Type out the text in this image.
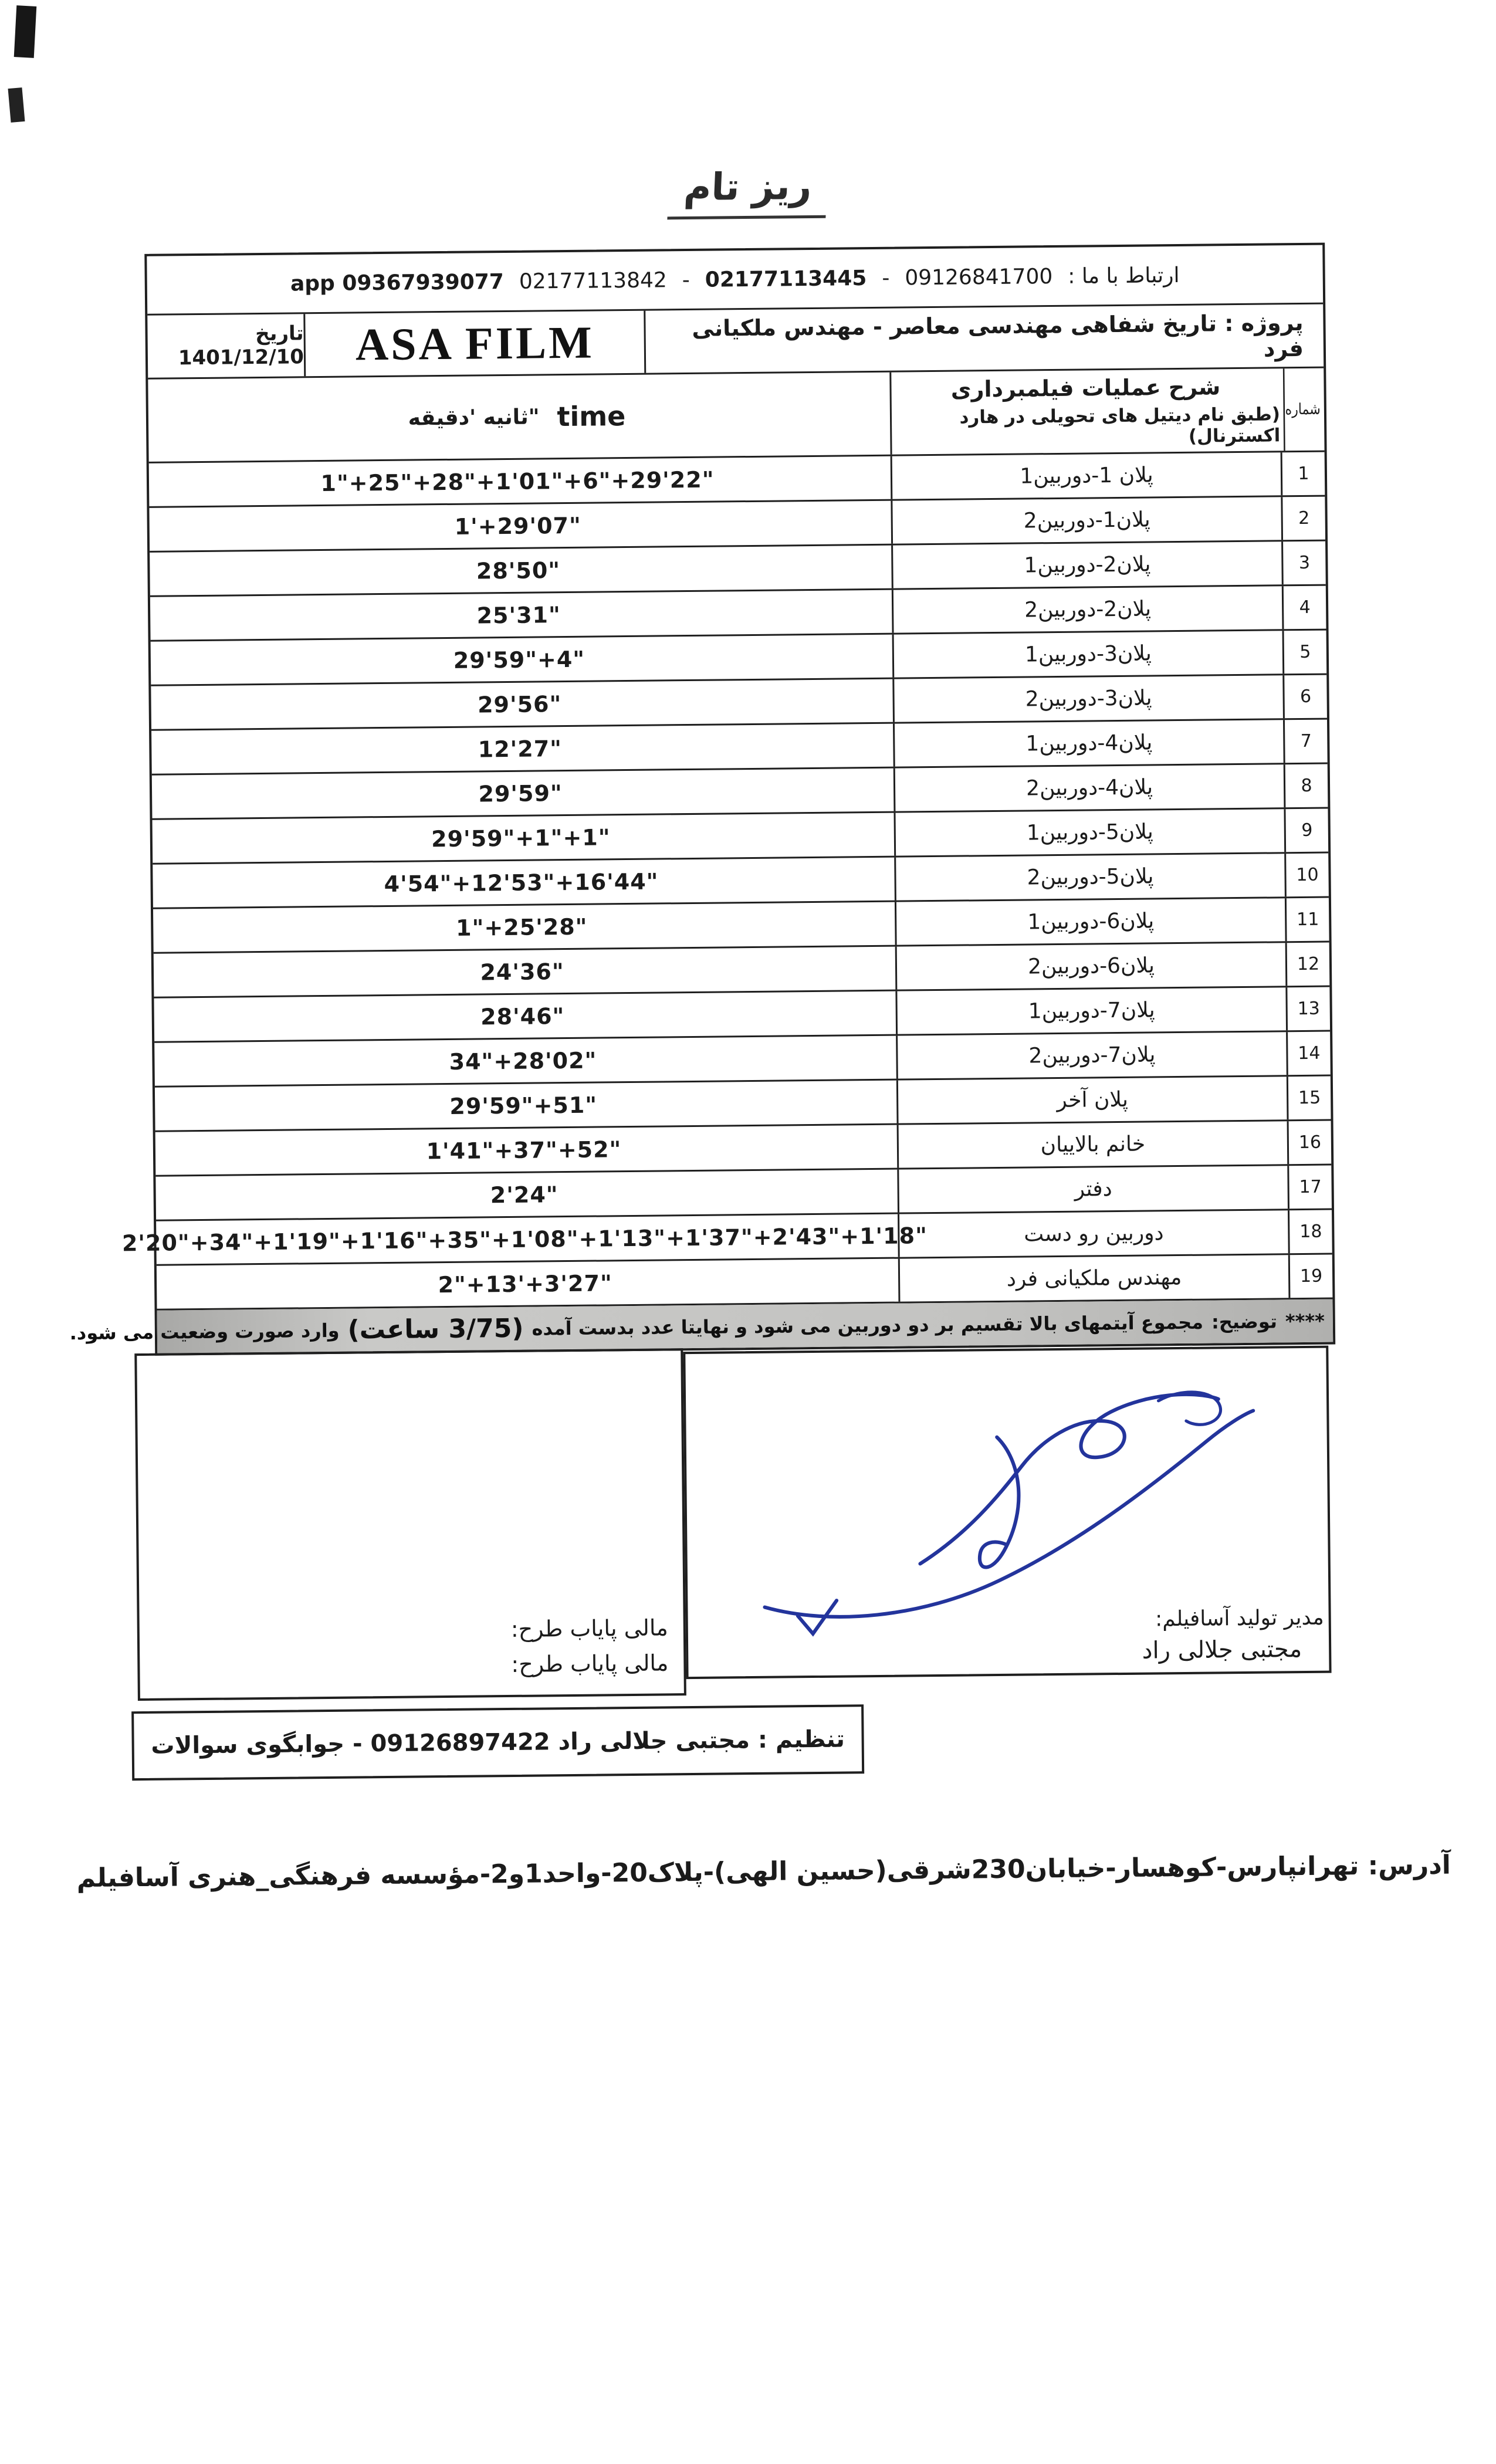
ریز تام
app 09367939077 02177113842 - 02177113445 - 09126841700 ارتباط با ما :
پروژه : تاریخ شفاهی مهندسی معاصر - مهندس ملکیانی فرد
ASA FILM
تاریخ 1401/12/10
شماره
شرح عملیات فیلمبرداری
(طبق نام دیتیل های تحویلی در هارد اکسترنال)
time
"ثانیه 'دقیقه
1
پلان 1-دوربین1
1"+25"+28"+1'01"+6"+29'22"
2
پلان1-دوربین2
1'+29'07"
3
پلان2-دوربین1
28'50"
4
پلان2-دوربین2
25'31"
5
پلان3-دوربین1
29'59"+4"
6
پلان3-دوربین2
29'56"
7
پلان4-دوربین1
12'27"
8
پلان4-دوربین2
29'59"
9
پلان5-دوربین1
29'59"+1"+1"
10
پلان5-دوربین2
4'54"+12'53"+16'44"
11
پلان6-دوربین1
1"+25'28"
12
پلان6-دوربین2
24'36"
13
پلان7-دوربین1
28'46"
14
پلان7-دوربین2
34"+28'02"
15
پلان آخر
29'59"+51"
16
خانم بالاییان
1'41"+37"+52"
17
دفتر
2'24"
18
دوربین رو دست
2'20"+34"+1'19"+1'16"+35"+1'08"+1'13"+1'37"+2'43"+1'18"
19
مهندس ملکیانی فرد
2"+13'+3'27"
****
توضیح:
مجموع آیتمهای بالا تقسیم بر دو دوربین می شود و نهایتا عدد بدست آمده
(3/75 ساعت)
وارد صورت وضعیت می شود.
مالی پایاب طرح:
مالی پایاب طرح:
مدیر تولید آسافیلم:
مجتبی جلالی راد
تنظیم : مجتبی جلالی راد 09126897422 - جوابگوی سوالات
آدرس: تهرانپارس-کوهسار-خیابان230شرقی(حسین الهی)-پلاک20-واحد1و2-مؤسسه فرهنگی_هنری آسافیلم
